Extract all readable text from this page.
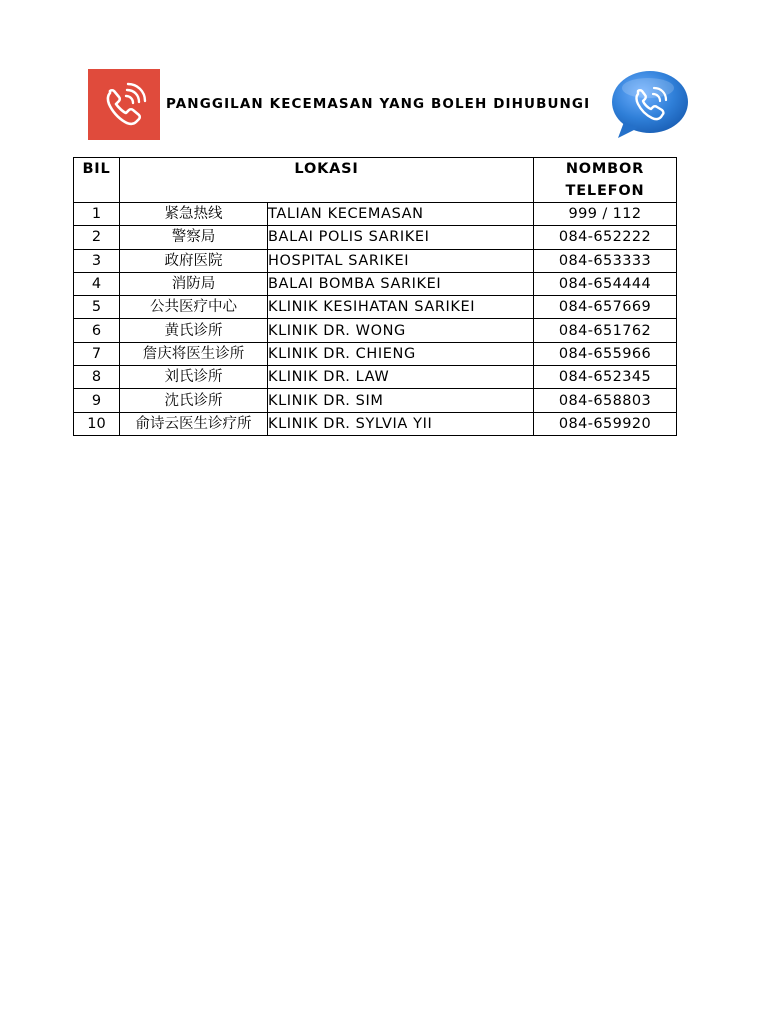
PANGGILAN KECEMASAN YANG BOLEH DIHUBUNGI
BIL	LOKASI		NOMBOR
TELEFON

1	紧急热线	TALIAN KECEMASAN	999 / 112
2	警察局	BALAI POLIS SARIKEI	084-652222
3	政府医院	HOSPITAL SARIKEI	084-653333
4	消防局	BALAI BOMBA SARIKEI	084-654444
5	公共医疗中心	KLINIK KESIHATAN SARIKEI	084-657669
6	黄氏诊所	KLINIK DR. WONG	084-651762
7	詹庆将医生诊所	KLINIK DR. CHIENG	084-655966
8	刘氏诊所	KLINIK DR. LAW	084-652345
9	沈氏诊所	KLINIK DR. SIM	084-658803
10	俞诗云医生诊疗所	KLINIK DR. SYLVIA YII	084-659920
